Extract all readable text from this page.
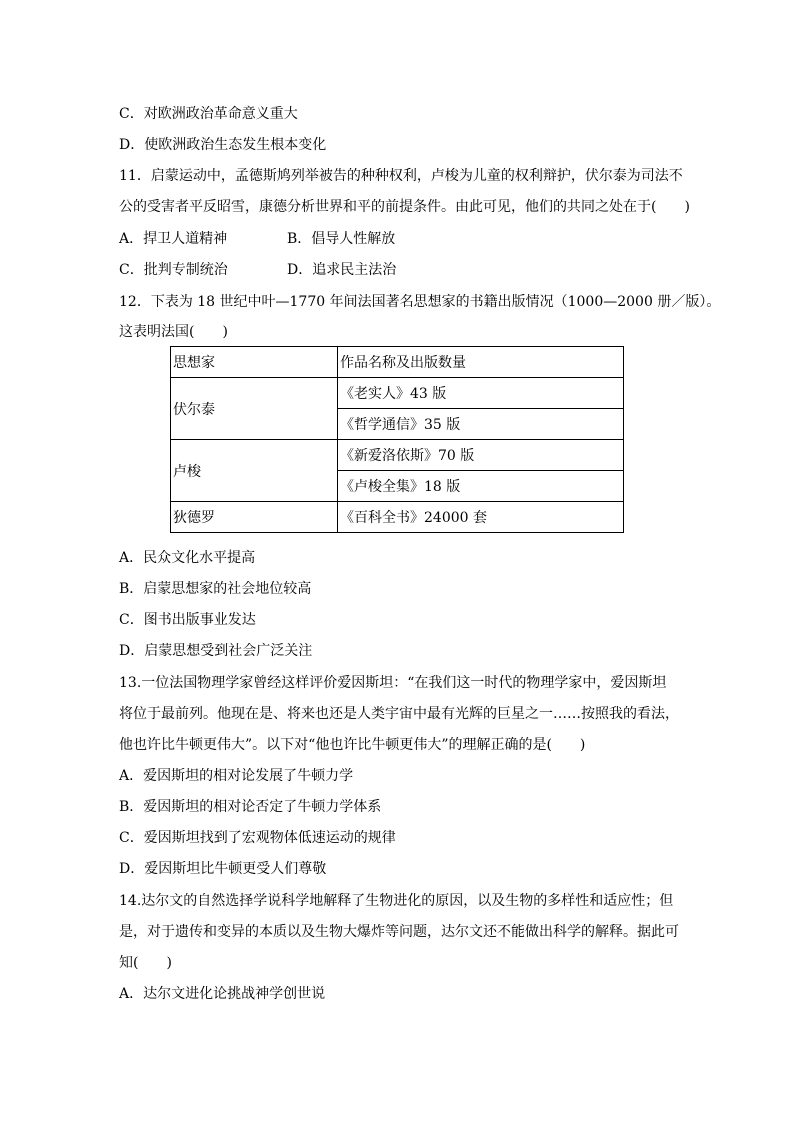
C．对欧洲政治革命意义重大
D．使欧洲政治生态发生根本变化
11．启蒙运动中，孟德斯鸠列举被告的种种权利，卢梭为儿童的权利辩护，伏尔泰为司法不
公的受害者平反昭雪，康德分析世界和平的前提条件。由此可见，他们的共同之处在于(　　)
A．捍卫人道精神	B．倡导人性解放
C．批判专制统治	D．追求民主法治
12．下表为 18 世纪中叶—1770 年间法国著名思想家的书籍出版情况（1000—2000 册／版）。
这表明法国(　　)
思想家	作品名称及出版数量
伏尔泰	《老实人》43 版
	《哲学通信》35 版
卢梭	《新爱洛依斯》70 版
	《卢梭全集》18 版
狄德罗	《百科全书》24000 套
A．民众文化水平提高
B．启蒙思想家的社会地位较高
C．图书出版事业发达
D．启蒙思想受到社会广泛关注
13.一位法国物理学家曾经这样评价爱因斯坦：“在我们这一时代的物理学家中，爱因斯坦
将位于最前列。他现在是、将来也还是人类宇宙中最有光辉的巨星之一……按照我的看法，
他也许比牛顿更伟大”。以下对“他也许比牛顿更伟大”的理解正确的是(　　)
A．爱因斯坦的相对论发展了牛顿力学
B．爱因斯坦的相对论否定了牛顿力学体系
C．爱因斯坦找到了宏观物体低速运动的规律
D．爱因斯坦比牛顿更受人们尊敬
14.达尔文的自然选择学说科学地解释了生物进化的原因，以及生物的多样性和适应性；但
是，对于遗传和变异的本质以及生物大爆炸等问题，达尔文还不能做出科学的解释。据此可
知(　　)
A．达尔文进化论挑战神学创世说
